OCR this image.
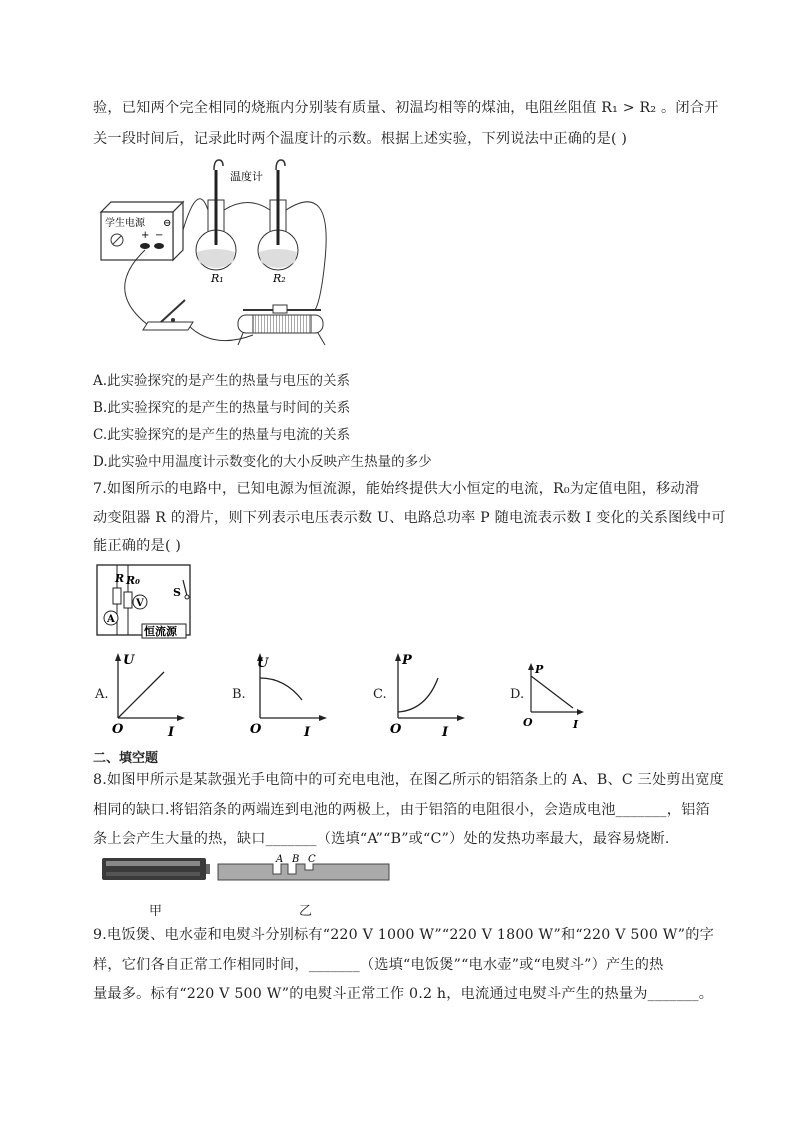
验，已知两个完全相同的烧瓶内分别装有质量、初温均相等的煤油，电阻丝阻值 R₁ > R₂ 。闭合开
关一段时间后，记录此时两个温度计的示数。根据上述实验，下列说法中正确的是( )
学生电源 ⊖
+ −
R₁	R₂
温度计
A.此实验探究的是产生的热量与电压的关系
B.此实验探究的是产生的热量与时间的关系
C.此实验探究的是产生的热量与电流的关系
D.此实验中用温度计示数变化的大小反映产生热量的多少
7.如图所示的电路中，已知电源为恒流源，能始终提供大小恒定的电流，R₀为定值电阻，移动滑
动变阻器 R 的滑片，则下列表示电压表示数 U、电路总功率 P 随电流表示数 I 变化的关系图线中可
能正确的是( )
R R₀
V
A
S
恒流源
A.
U
O	I
B.
U
O	I
C.
P
O	I
D.
P
O	I
二、填空题
8.如图甲所示是某款强光手电筒中的可充电电池，在图乙所示的铝箔条上的 A、B、C 三处剪出宽度
相同的缺口.将铝箔条的两端连到电池的两极上，由于铝箔的电阻很小，会造成电池_______，铝箔
条上会产生大量的热，缺口_______（选填“A”“B”或“C”）处的发热功率最大，最容易烧断.
A B C
甲	乙
9.电饭煲、电水壶和电熨斗分别标有“220 V 1000 W”“220 V 1800 W”和“220 V 500 W”的字
样，它们各自正常工作相同时间，_______（选填“电饭煲”“电水壶”或“电熨斗”）产生的热
量最多。标有“220 V 500 W”的电熨斗正常工作 0.2 h，电流通过电熨斗产生的热量为_______。
